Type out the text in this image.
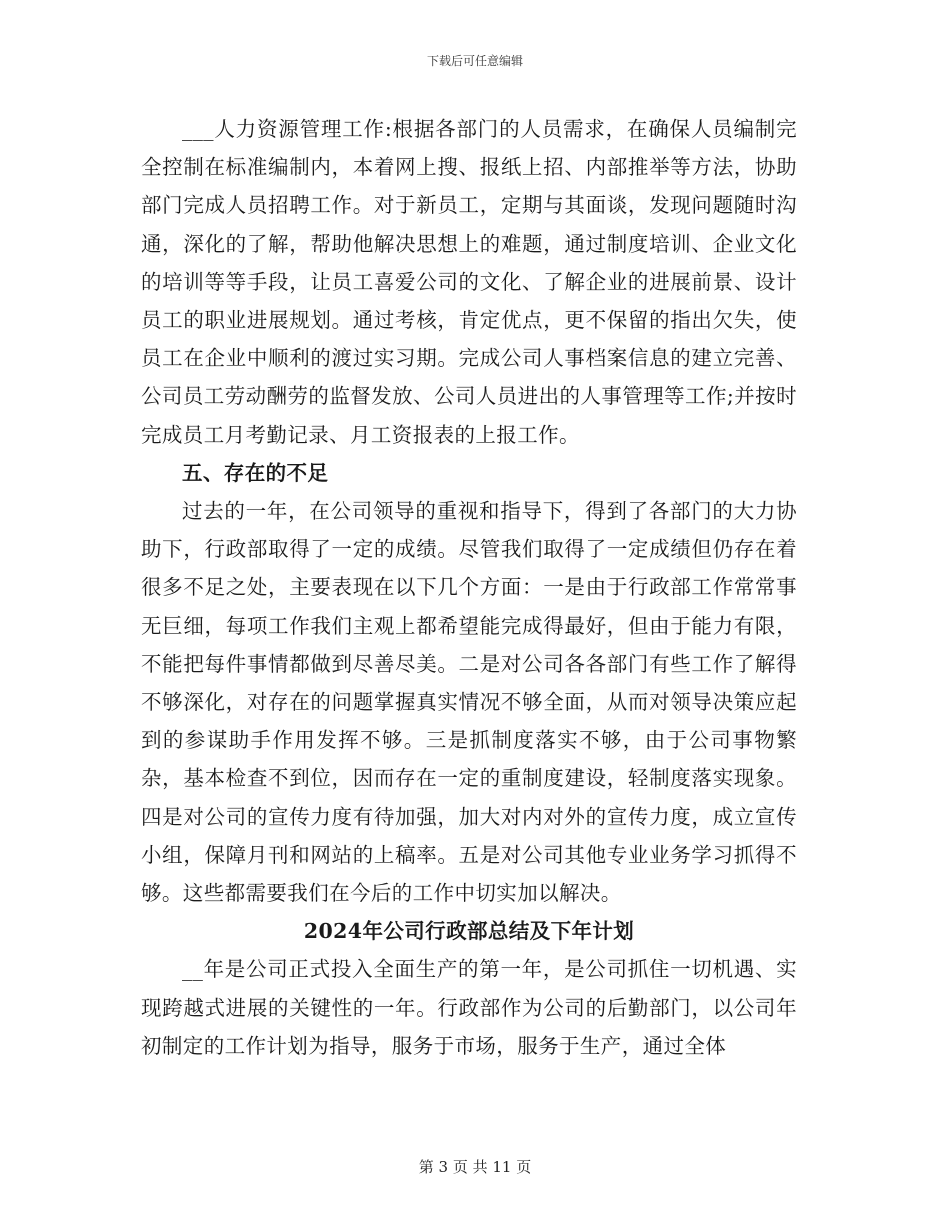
下载后可任意编辑

___人力资源管理工作:根据各部门的人员需求，在确保人员编制完全控制在标准编制内，本着网上搜、报纸上招、内部推举等方法，协助部门完成人员招聘工作。对于新员工，定期与其面谈，发现问题随时沟通，深化的了解，帮助他解决思想上的难题，通过制度培训、企业文化的培训等等手段，让员工喜爱公司的文化、了解企业的进展前景、设计员工的职业进展规划。通过考核，肯定优点，更不保留的指出欠失，使员工在企业中顺利的渡过实习期。完成公司人事档案信息的建立完善、公司员工劳动酬劳的监督发放、公司人员进出的人事管理等工作;并按时完成员工月考勤记录、月工资报表的上报工作。

五、存在的不足

过去的一年，在公司领导的重视和指导下，得到了各部门的大力协助下，行政部取得了一定的成绩。尽管我们取得了一定成绩但仍存在着很多不足之处，主要表现在以下几个方面：一是由于行政部工作常常事无巨细，每项工作我们主观上都希望能完成得最好，但由于能力有限，不能把每件事情都做到尽善尽美。二是对公司各各部门有些工作了解得不够深化，对存在的问题掌握真实情况不够全面，从而对领导决策应起到的参谋助手作用发挥不够。三是抓制度落实不够，由于公司事物繁杂，基本检查不到位，因而存在一定的重制度建设，轻制度落实现象。四是对公司的宣传力度有待加强，加大对内对外的宣传力度，成立宣传小组，保障月刊和网站的上稿率。五是对公司其他专业业务学习抓得不够。这些都需要我们在今后的工作中切实加以解决。

2024年公司行政部总结及下年计划

__年是公司正式投入全面生产的第一年，是公司抓住一切机遇、实现跨越式进展的关键性的一年。行政部作为公司的后勤部门，以公司年初制定的工作计划为指导，服务于市场，服务于生产，通过全体

第 3 页 共 11 页
